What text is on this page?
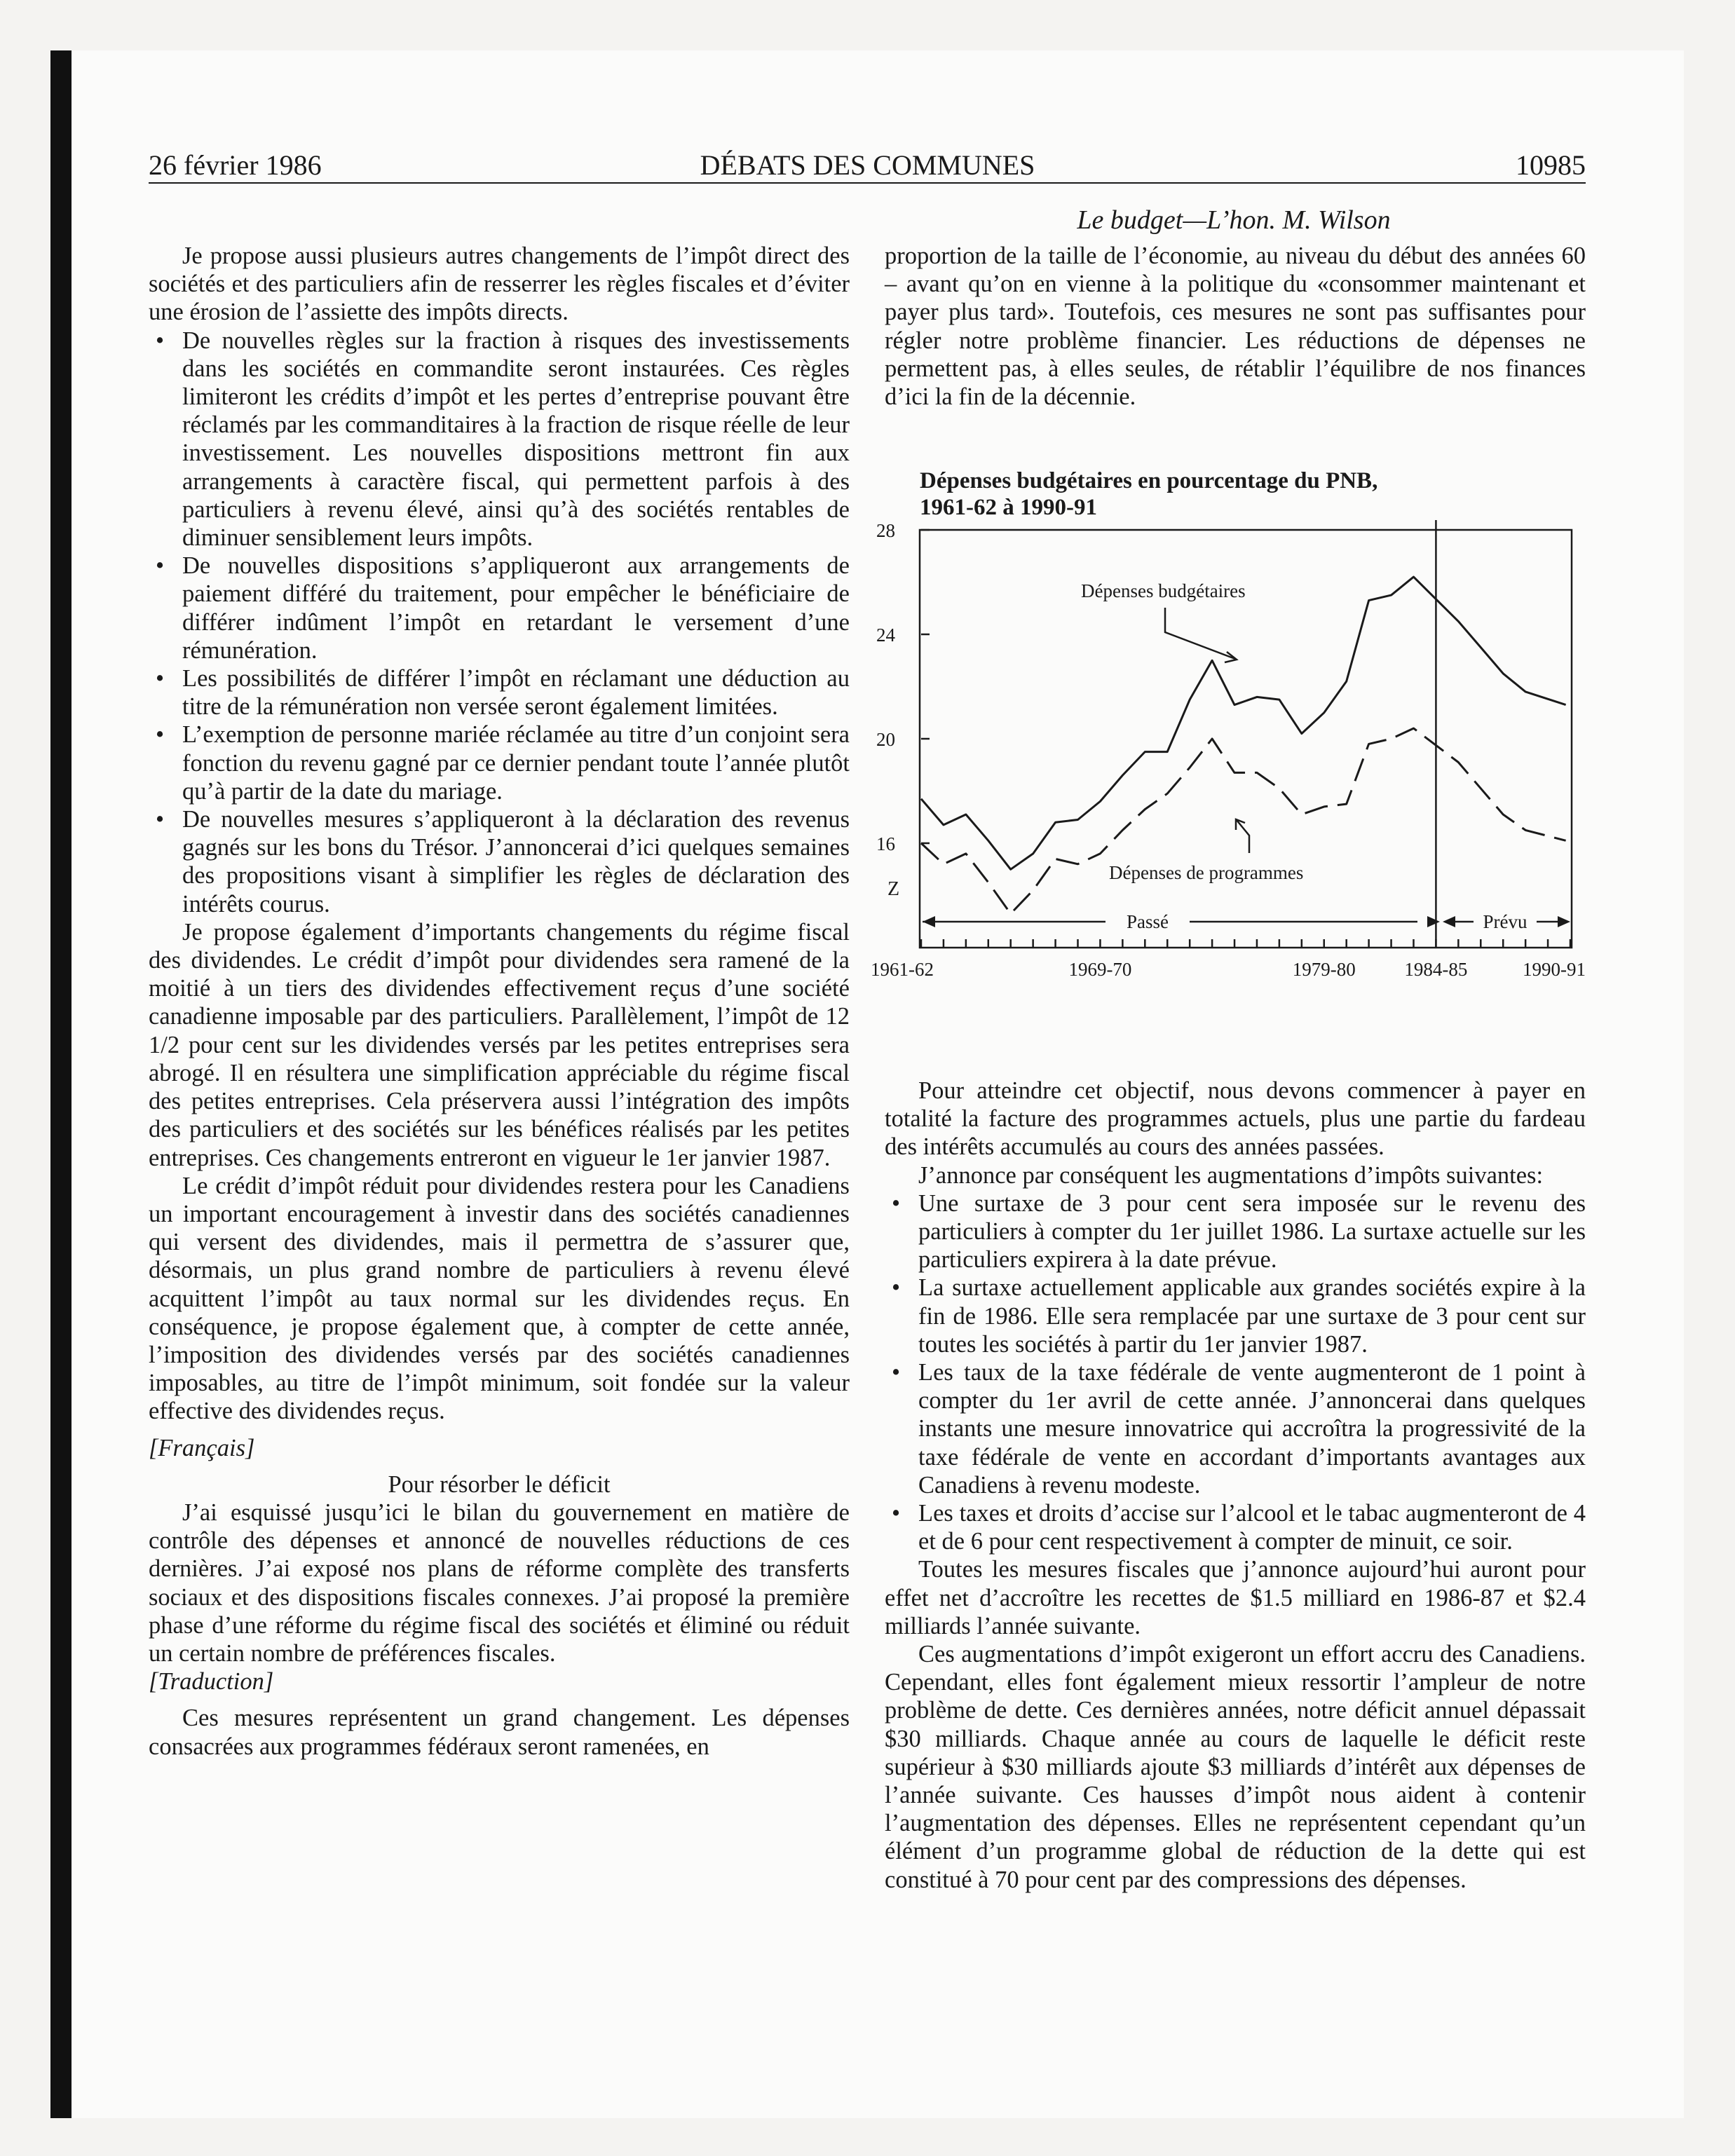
26 février 1986	DÉBATS DES COMMUNES	10985
Le budget—L’hon. M. Wilson

Je propose aussi plusieurs autres changements de l’impôt direct des sociétés et des particuliers afin de resserrer les règles fiscales et d’éviter une érosion de l’assiette des impôts directs.

• De nouvelles règles sur la fraction à risques des investissements dans les sociétés en commandite seront instaurées. Ces règles limiteront les crédits d’impôt et les pertes d’entreprise pouvant être réclamés par les commanditaires à la fraction de risque réelle de leur investissement. Les nouvelles dispositions mettront fin aux arrangements à caractère fiscal, qui permettent parfois à des particuliers à revenu élevé, ainsi qu’à des sociétés rentables de diminuer sensiblement leurs impôts.

• De nouvelles dispositions s’appliqueront aux arrangements de paiement différé du traitement, pour empêcher le bénéficiaire de différer indûment l’impôt en retardant le versement d’une rémunération.

• Les possibilités de différer l’impôt en réclamant une déduction au titre de la rémunération non versée seront également limitées.

• L’exemption de personne mariée réclamée au titre d’un conjoint sera fonction du revenu gagné par ce dernier pendant toute l’année plutôt qu’à partir de la date du mariage.

• De nouvelles mesures s’appliqueront à la déclaration des revenus gagnés sur les bons du Trésor. J’annoncerai d’ici quelques semaines des propositions visant à simplifier les règles de déclaration des intérêts courus.

Je propose également d’importants changements du régime fiscal des dividendes. Le crédit d’impôt pour dividendes sera ramené de la moitié à un tiers des dividendes effectivement reçus d’une société canadienne imposable par des particuliers. Parallèlement, l’impôt de 12 1/2 pour cent sur les dividendes versés par les petites entreprises sera abrogé. Il en résultera une simplification appréciable du régime fiscal des petites entreprises. Cela préservera aussi l’intégration des impôts des particuliers et des sociétés sur les bénéfices réalisés par les petites entreprises. Ces changements entreront en vigueur le 1er janvier 1987.

Le crédit d’impôt réduit pour dividendes restera pour les Canadiens un important encouragement à investir dans des sociétés canadiennes qui versent des dividendes, mais il permettra de s’assurer que, désormais, un plus grand nombre de particuliers à revenu élevé acquittent l’impôt au taux normal sur les dividendes reçus. En conséquence, je propose également que, à compter de cette année, l’imposition des dividendes versés par des sociétés canadiennes imposables, au titre de l’impôt minimum, soit fondée sur la valeur effective des dividendes reçus.

[Français]

Pour résorber le déficit

J’ai esquissé jusqu’ici le bilan du gouvernement en matière de contrôle des dépenses et annoncé de nouvelles réductions de ces dernières. J’ai exposé nos plans de réforme complète des transferts sociaux et des dispositions fiscales connexes. J’ai proposé la première phase d’une réforme du régime fiscal des sociétés et éliminé ou réduit un certain nombre de préférences fiscales.

[Traduction]

Ces mesures représentent un grand changement. Les dépenses consacrées aux programmes fédéraux seront ramenées, en

proportion de la taille de l’économie, au niveau du début des années 60 – avant qu’on en vienne à la politique du «consommer maintenant et payer plus tard». Toutefois, ces mesures ne sont pas suffisantes pour régler notre problème financier. Les réductions de dépenses ne permettent pas, à elles seules, de rétablir l’équilibre de nos finances d’ici la fin de la décennie.

Dépenses budgétaires en pourcentage du PNB,
1961-62 à 1990-91
28
24
20
16
1961-62	1969-70	1979-80	1984-85	1990-91
Z
Dépenses budgétaires
Dépenses de programmes
Passé	Prévu

Pour atteindre cet objectif, nous devons commencer à payer en totalité la facture des programmes actuels, plus une partie du fardeau des intérêts accumulés au cours des années passées.

J’annonce par conséquent les augmentations d’impôts suivantes:

• Une surtaxe de 3 pour cent sera imposée sur le revenu des particuliers à compter du 1er juillet 1986. La surtaxe actuelle sur les particuliers expirera à la date prévue.

• La surtaxe actuellement applicable aux grandes sociétés expire à la fin de 1986. Elle sera remplacée par une surtaxe de 3 pour cent sur toutes les sociétés à partir du 1er janvier 1987.

• Les taux de la taxe fédérale de vente augmenteront de 1 point à compter du 1er avril de cette année. J’annoncerai dans quelques instants une mesure innovatrice qui accroîtra la progressivité de la taxe fédérale de vente en accordant d’importants avantages aux Canadiens à revenu modeste.

• Les taxes et droits d’accise sur l’alcool et le tabac augmenteront de 4 et de 6 pour cent respectivement à compter de minuit, ce soir.

Toutes les mesures fiscales que j’annonce aujourd’hui auront pour effet net d’accroître les recettes de $1.5 milliard en 1986-87 et $2.4 milliards l’année suivante.

Ces augmentations d’impôt exigeront un effort accru des Canadiens. Cependant, elles font également mieux ressortir l’ampleur de notre problème de dette. Ces dernières années, notre déficit annuel dépassait $30 milliards. Chaque année au cours de laquelle le déficit reste supérieur à $30 milliards ajoute $3 milliards d’intérêt aux dépenses de l’année suivante. Ces hausses d’impôt nous aident à contenir l’augmentation des dépenses. Elles ne représentent cependant qu’un élément d’un programme global de réduction de la dette qui est constitué à 70 pour cent par des compressions des dépenses.
